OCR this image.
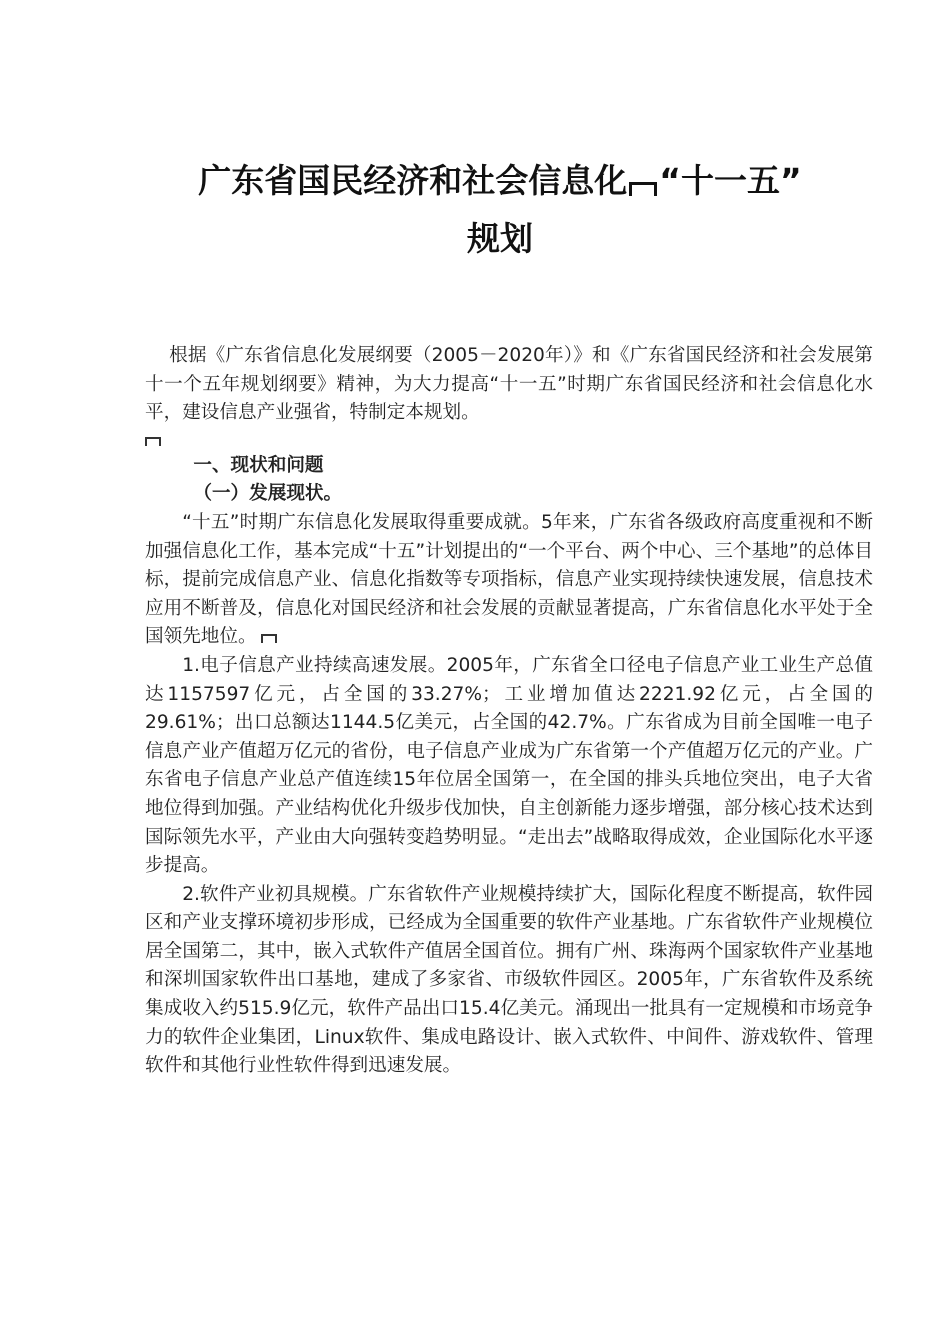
广东省国民经济和社会信息化 “十一五”
规划

根据《广东省信息化发展纲要（2005－2020年）》和《广东省国民经济和社会发展第十一个五年规划纲要》精神，为大力提高“十一五”时期广东省国民经济和社会信息化水平，建设信息产业强省，特制定本规划。

一、现状和问题
（一）发展现状。

“十五”时期广东信息化发展取得重要成就。5年来，广东省各级政府高度重视和不断加强信息化工作，基本完成“十五”计划提出的“一个平台、两个中心、三个基地”的总体目标，提前完成信息产业、信息化指数等专项指标，信息产业实现持续快速发展，信息技术应用不断普及，信息化对国民经济和社会发展的贡献显著提高，广东省信息化水平处于全国领先地位。

1.电子信息产业持续高速发展。2005年，广东省全口径电子信息产业工业生产总值达1157597亿元，占全国的33.27%；工业增加值达2221.92亿元，占全国的29.61%；出口总额达1144.5亿美元，占全国的42.7%。广东省成为目前全国唯一电子信息产业产值超万亿元的省份，电子信息产业成为广东省第一个产值超万亿元的产业。广东省电子信息产业总产值连续15年位居全国第一，在全国的排头兵地位突出，电子大省地位得到加强。产业结构优化升级步伐加快，自主创新能力逐步增强，部分核心技术达到国际领先水平，产业由大向强转变趋势明显。“走出去”战略取得成效，企业国际化水平逐步提高。

2.软件产业初具规模。广东省软件产业规模持续扩大，国际化程度不断提高，软件园区和产业支撑环境初步形成，已经成为全国重要的软件产业基地。广东省软件产业规模位居全国第二，其中，嵌入式软件产值居全国首位。拥有广州、珠海两个国家软件产业基地和深圳国家软件出口基地，建成了多家省、市级软件园区。2005年，广东省软件及系统集成收入约515.9亿元，软件产品出口15.4亿美元。涌现出一批具有一定规模和市场竞争力的软件企业集团，Linux软件、集成电路设计、嵌入式软件、中间件、游戏软件、管理软件和其他行业性软件得到迅速发展。
